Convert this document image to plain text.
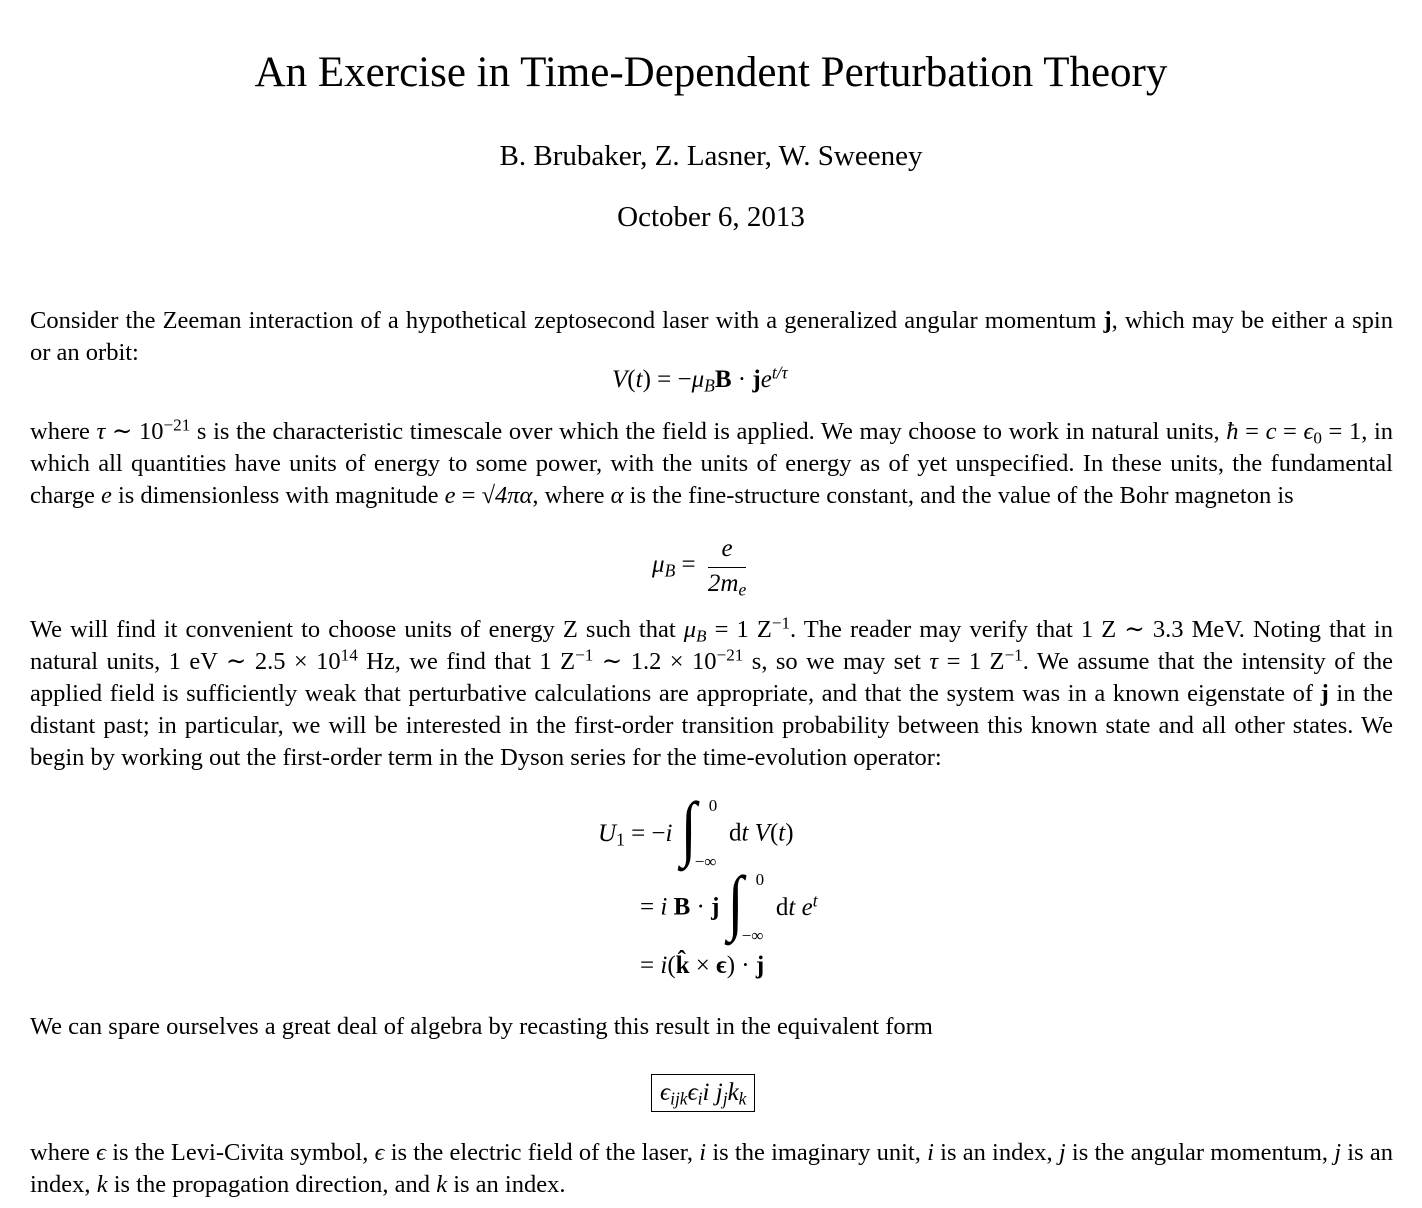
An Exercise in Time-Dependent Perturbation Theory
B. Brubaker, Z. Lasner, W. Sweeney
October 6, 2013
Consider the Zeeman interaction of a hypothetical zeptosecond laser with a generalized angular momentum j, which may be either a spin or an orbit:
$V(t) = -\mu BB \cdot je^{t/\tau}$
where τ ∼ $10^{-21}$ s is the characteristic timescale over which the field is applied. We may choose to work in natural units, ħ = $c = \epsilon_0 = 1$, in which all quantities have units of energy to some power, with the units of energy as of yet unspecified. In these units, the fundamental charge e is dimensionless with magnitude e = √4πα, where α is the fine-structure constant, and the value of the Bohr magneton is
$\mu B = \frac{e}{2me}$
We will find it convenient to choose units of energy Z such that μB = 1 $Z^{-1}$. The reader may verify that 1 Z ∼ 3.3 MeV. Noting that in natural units, 1 eV ∼ $2.5 \times 10^{14}$ Hz, we find that 1 $Z^{-1}$ ∼ $1.2 \times 10^{-21}$ s, so we may set τ = 1 $Z^{-1}$. We assume that the intensity of the applied field is sufficiently weak that perturbative calculations are appropriate, and that the system was in a known eigenstate of j in the distant past; in particular, we will be interested in the first-order transition probability between this known state and all other states. We begin by working out the first-order term in the Dyson series for the time-evolution operator:
$U_1 = -i$ ∫ 0
−∞
dt V(t)
= i B · j ∫ 0
−∞
dt $e^t$
= i(k̂ × ϵ) · j
We can spare ourselves a great deal of algebra by recasting this result in the equivalent form
ϵijkϵii jjkk
where ϵ is the Levi-Civita symbol, ϵ is the electric field of the laser, i is the imaginary unit, i is an index, j is the angular momentum, j is an index, k is the propagation direction, and k is an index.
